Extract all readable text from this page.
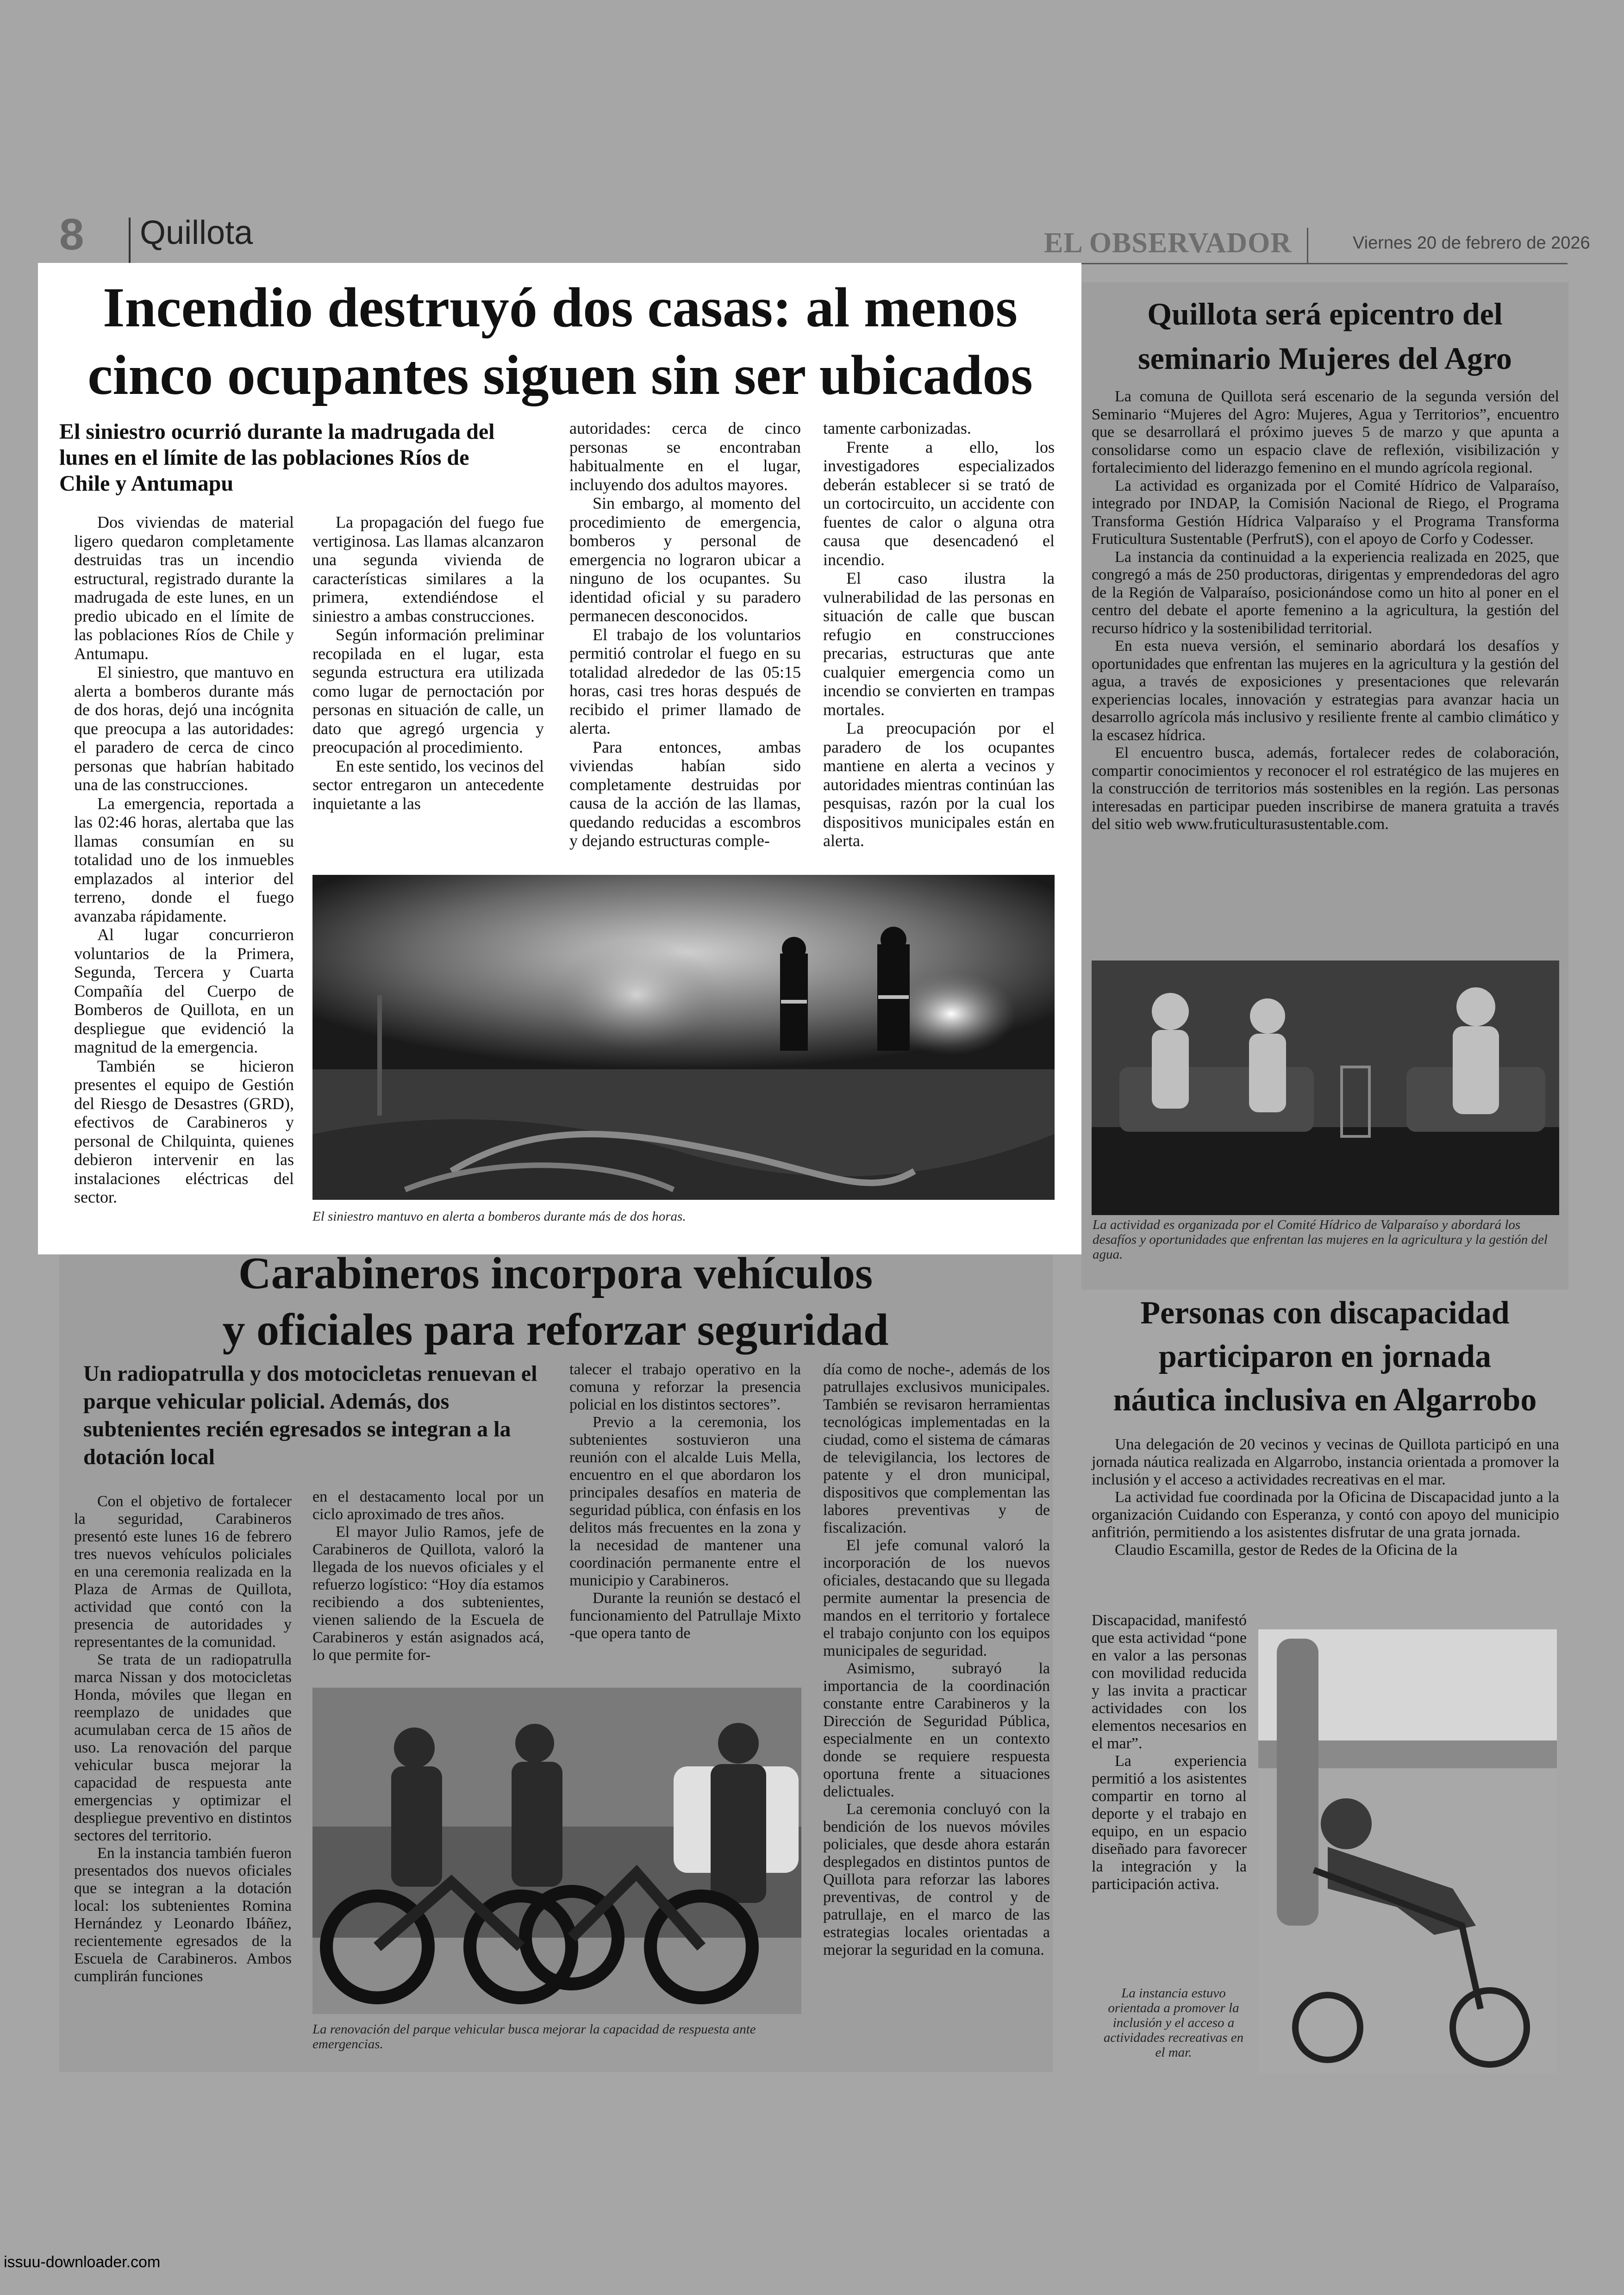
8 Quillota	EL OBSERVADOR	Viernes 20 de febrero de 2026
Incendio destruyó dos casas: al menos
cinco ocupantes siguen sin ser ubicados
El siniestro ocurrió durante la madrugada del lunes en el límite de las poblaciones Ríos de Chile y Antumapu

Dos viviendas de material ligero quedaron completamente destruidas tras un incendio estructural, registrado durante la madrugada de este lunes, en un predio ubicado en el límite de las poblaciones Ríos de Chile y Antumapu.

El siniestro, que mantuvo en alerta a bomberos durante más de dos horas, dejó una incógnita que preocupa a las autoridades: el paradero de cerca de cinco personas que habrían habitado una de las construcciones.

La emergencia, reportada a las 02:46 horas, alertaba que las llamas consumían en su totalidad uno de los inmuebles emplazados al interior del terreno, donde el fuego avanzaba rápidamente.

Al lugar concurrieron voluntarios de la Primera, Segunda, Tercera y Cuarta Compañía del Cuerpo de Bomberos de Quillota, en un despliegue que evidenció la magnitud de la emergencia.

También se hicieron presentes el equipo de Gestión del Riesgo de Desastres (GRD), efectivos de Carabineros y personal de Chilquinta, quienes debieron intervenir en las instalaciones eléctricas del sector.

La propagación del fuego fue vertiginosa. Las llamas alcanzaron una segunda vivienda de características similares a la primera, extendiéndose el siniestro a ambas construcciones.

Según información preliminar recopilada en el lugar, esta segunda estructura era utilizada como lugar de pernoctación por personas en situación de calle, un dato que agregó urgencia y preocupación al procedimiento.

En este sentido, los vecinos del sector entregaron un antecedente inquietante a las

autoridades: cerca de cinco personas se encontraban habitualmente en el lugar, incluyendo dos adultos mayores.

Sin embargo, al momento del procedimiento de emergencia, bomberos y personal de emergencia no lograron ubicar a ninguno de los ocupantes. Su identidad oficial y su paradero permanecen desconocidos.

El trabajo de los voluntarios permitió controlar el fuego en su totalidad alrededor de las 05:15 horas, casi tres horas después de recibido el primer llamado de alerta.

Para entonces, ambas viviendas habían sido completamente destruidas por causa de la acción de las llamas, quedando reducidas a escombros y dejando estructuras comple-

tamente carbonizadas.

Frente a ello, los investigadores especializados deberán establecer si se trató de un cortocircuito, un accidente con fuentes de calor o alguna otra causa que desencadenó el incendio.

El caso ilustra la vulnerabilidad de las personas en situación de calle que buscan refugio en construcciones precarias, estructuras que ante cualquier emergencia como un incendio se convierten en trampas mortales.

La preocupación por el paradero de los ocupantes mantiene en alerta a vecinos y autoridades mientras continúan las pesquisas, razón por la cual los dispositivos municipales están en alerta.

El siniestro mantuvo en alerta a bomberos durante más de dos horas.
Quillota será epicentro del seminario Mujeres del Agro

La comuna de Quillota será escenario de la segunda versión del Seminario “Mujeres del Agro: Mujeres, Agua y Territorios”, encuentro que se desarrollará el próximo jueves 5 de marzo y que apunta a consolidarse como un espacio clave de reflexión, visibilización y fortalecimiento del liderazgo femenino en el mundo agrícola regional.

La actividad es organizada por el Comité Hídrico de Valparaíso, integrado por INDAP, la Comisión Nacional de Riego, el Programa Transforma Gestión Hídrica Valparaíso y el Programa Transforma Fruticultura Sustentable (PerfrutS), con el apoyo de Corfo y Codesser.

La instancia da continuidad a la experiencia realizada en 2025, que congregó a más de 250 productoras, dirigentas y emprendedoras del agro de la Región de Valparaíso, posicionándose como un hito al poner en el centro del debate el aporte femenino a la agricultura, la gestión del recurso hídrico y la sostenibilidad territorial.

En esta nueva versión, el seminario abordará los desafíos y oportunidades que enfrentan las mujeres en la agricultura y la gestión del agua, a través de exposiciones y presentaciones que relevarán experiencias locales, innovación y estrategias para avanzar hacia un desarrollo agrícola más inclusivo y resiliente frente al cambio climático y la escasez hídrica.

El encuentro busca, además, fortalecer redes de colaboración, compartir conocimientos y reconocer el rol estratégico de las mujeres en la construcción de territorios más sostenibles en la región. Las personas interesadas en participar pueden inscribirse de manera gratuita a través del sitio web www.fruticulturasustentable.com.

La actividad es organizada por el Comité Hídrico de Valparaíso y abordará los desafíos y oportunidades que enfrentan las mujeres en la agricultura y la gestión del agua.
Carabineros incorpora vehículos
y oficiales para reforzar seguridad
Un radiopatrulla y dos motocicletas renuevan el parque vehicular policial. Además, dos subtenientes recién egresados se integran a la dotación local

Con el objetivo de fortalecer la seguridad, Carabineros presentó este lunes 16 de febrero tres nuevos vehículos policiales en una ceremonia realizada en la Plaza de Armas de Quillota, actividad que contó con la presencia de autoridades y representantes de la comunidad.

Se trata de un radiopatrulla marca Nissan y dos motocicletas Honda, móviles que llegan en reemplazo de unidades que acumulaban cerca de 15 años de uso. La renovación del parque vehicular busca mejorar la capacidad de respuesta ante emergencias y optimizar el despliegue preventivo en distintos sectores del territorio.

En la instancia también fueron presentados dos nuevos oficiales que se integran a la dotación local: los subtenientes Romina Hernández y Leonardo Ibáñez, recientemente egresados de la Escuela de Carabineros. Ambos cumplirán funciones

en el destacamento local por un ciclo aproximado de tres años.

El mayor Julio Ramos, jefe de Carabineros de Quillota, valoró la llegada de los nuevos oficiales y el refuerzo logístico: “Hoy día estamos recibiendo a dos subtenientes, vienen saliendo de la Escuela de Carabineros y están asignados acá, lo que permite for-

talecer el trabajo operativo en la comuna y reforzar la presencia policial en los distintos sectores”.

Previo a la ceremonia, los subtenientes sostuvieron una reunión con el alcalde Luis Mella, encuentro en el que abordaron los principales desafíos en materia de seguridad pública, con énfasis en los delitos más frecuentes en la zona y la necesidad de mantener una coordinación permanente entre el municipio y Carabineros.

Durante la reunión se destacó el funcionamiento del Patrullaje Mixto -que opera tanto de

día como de noche-, además de los patrullajes exclusivos municipales. También se revisaron herramientas tecnológicas implementadas en la ciudad, como el sistema de cámaras de televigilancia, los lectores de patente y el dron municipal, dispositivos que complementan las labores preventivas y de fiscalización.

El jefe comunal valoró la incorporación de los nuevos oficiales, destacando que su llegada permite aumentar la presencia de mandos en el territorio y fortalece el trabajo conjunto con los equipos municipales de seguridad.

Asimismo, subrayó la importancia de la coordinación constante entre Carabineros y la Dirección de Seguridad Pública, especialmente en un contexto donde se requiere respuesta oportuna frente a situaciones delictuales.

La ceremonia concluyó con la bendición de los nuevos móviles policiales, que desde ahora estarán desplegados en distintos puntos de Quillota para reforzar las labores preventivas, de control y de patrullaje, en el marco de las estrategias locales orientadas a mejorar la seguridad en la comuna.

La renovación del parque vehicular busca mejorar la capacidad de respuesta ante emergencias.
Personas con discapacidad
participaron en jornada
náutica inclusiva en Algarrobo

Una delegación de 20 vecinos y vecinas de Quillota participó en una jornada náutica realizada en Algarrobo, instancia orientada a promover la inclusión y el acceso a actividades recreativas en el mar.

La actividad fue coordinada por la Oficina de Discapacidad junto a la organización Cuidando con Esperanza, y contó con apoyo del municipio anfitrión, permitiendo a los asistentes disfrutar de una grata jornada.

Claudio Escamilla, gestor de Redes de la Oficina de la

Discapacidad, manifestó que esta actividad “pone en valor a las personas con movilidad reducida y las invita a practicar actividades con los elementos necesarios en el mar”.

La experiencia permitió a los asistentes compartir en torno al deporte y el trabajo en equipo, en un espacio diseñado para favorecer la integración y la participación activa.

La instancia estuvo orientada a promover la inclusión y el acceso a actividades recreativas en el mar.
issuu-downloader.com
